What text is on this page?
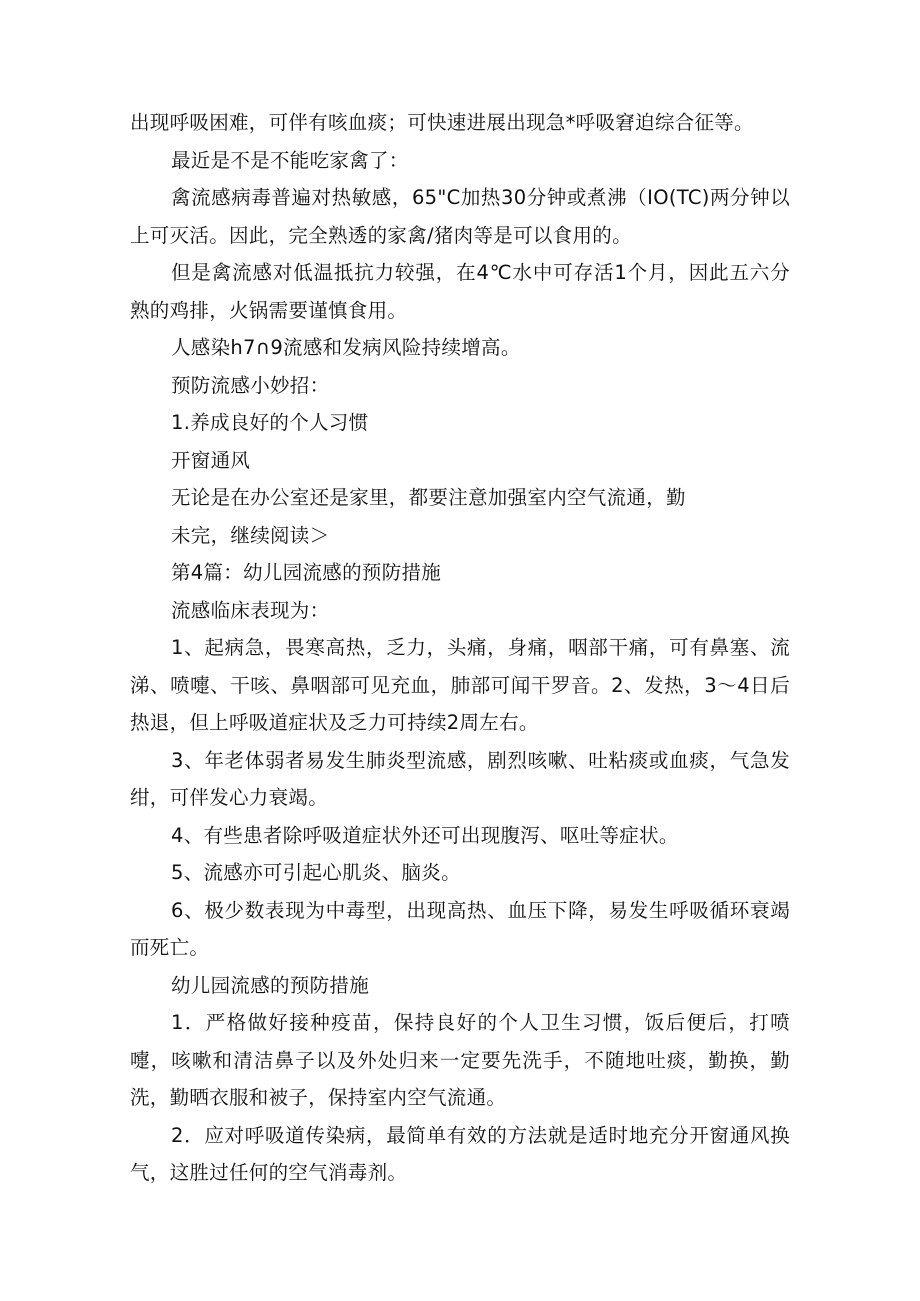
出现呼吸困难，可伴有咳血痰；可快速进展出现急*呼吸窘迫综合征等。

最近是不是不能吃家禽了：

禽流感病毒普遍对热敏感，65"C加热30分钟或煮沸（IO(TC)两分钟以上可灭活。因此，完全熟透的家禽/猪肉等是可以食用的。

但是禽流感对低温抵抗力较强，在4℃水中可存活1个月，因此五六分熟的鸡排，火锅需要谨慎食用。

人感染h7∩9流感和发病风险持续增高。

预防流感小妙招：

1.养成良好的个人习惯

开窗通风

无论是在办公室还是家里，都要注意加强室内空气流通，勤

未完，继续阅读＞

第4篇：幼儿园流感的预防措施

流感临床表现为：

1、起病急，畏寒高热，乏力，头痛，身痛，咽部干痛，可有鼻塞、流涕、喷嚏、干咳、鼻咽部可见充血，肺部可闻干罗音。2、发热，3～4日后热退，但上呼吸道症状及乏力可持续2周左右。

3、年老体弱者易发生肺炎型流感，剧烈咳嗽、吐粘痰或血痰，气急发绀，可伴发心力衰竭。

4、有些患者除呼吸道症状外还可出现腹泻、呕吐等症状。

5、流感亦可引起心肌炎、脑炎。

6、极少数表现为中毒型，出现高热、血压下降，易发生呼吸循环衰竭而死亡。

幼儿园流感的预防措施

1．严格做好接种疫苗，保持良好的个人卫生习惯，饭后便后，打喷嚏，咳嗽和清洁鼻子以及外处归来一定要先洗手，不随地吐痰，勤换，勤洗，勤晒衣服和被子，保持室内空气流通。

2．应对呼吸道传染病，最简单有效的方法就是适时地充分开窗通风换气，这胜过任何的空气消毒剂。
